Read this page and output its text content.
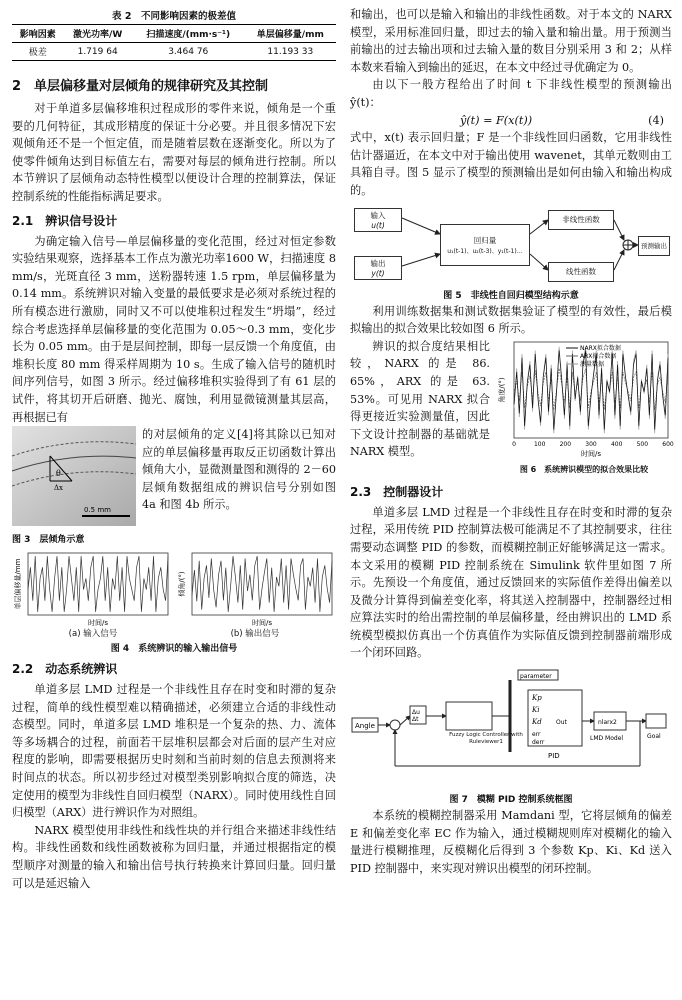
表 2　不同影响因素的极差值
影响因素	激光功率/W	扫描速度/(mm·s⁻¹)	单层偏移量/mm
极差	1.719 64	3.464 76	11.193 33
2　单层偏移量对层倾角的规律研究及其控制

对于单道多层偏移堆积过程成形的零件来说，倾角是一个重要的几何特征，其成形精度的保证十分必要。并且很多情况下宏观倾角还不是一个恒定值，而是随着层数在逐渐变化。所以为了使零件倾角达到目标值左右，需要对每层的倾角进行控制。所以本节辨识了层倾角动态特性模型以便设计合理的控制算法，保证控制系统的性能指标满足要求。

2.1　辨识信号设计

为确定输入信号—单层偏移量的变化范围，经过对恒定参数实验结果观察，选择基本工作点为激光功率1600 W，扫描速度 8 mm/s，光斑直径 3 mm，送粉器转速 1.5 rpm，单层偏移量为 0.14 mm。系统辨识对输入变量的最低要求是必须对系统过程的所有模态进行激励，同时又不可以使堆积过程发生“坍塌”，经过综合考虑选择单层偏移量的变化范围为 0.05～0.3 mm，变化步长为 0.05 mm。由于是层间控制，即每一层反馈一个角度值，由堆积长度 80 mm 得采样周期为 10 s。生成了输入信号的随机时间序列信号，如图 3 所示。经过偏移堆积实验得到了有 61 层的试件，将其切开后研磨、抛光、腐蚀，利用显微镜测量其层高，再根据已有

θ
Δx
0.5 mm
图 3　层倾角示意

的对层倾角的定义[4]将其除以已知对应的单层偏移量再取反正切函数计算出倾角大小，显微测量图和测得的 2－60 层倾角数据组成的辨识信号分别如图 4a 和图 4b 所示。

单层偏移量/mm
时间/s
倾角/(°)
时间/s
(a) 输入信号	(b) 输出信号
图 4　系统辨识的输入输出信号
2.2　动态系统辨识

单道多层 LMD 过程是一个非线性且存在时变和时滞的复杂过程，简单的线性模型难以精确描述，必须建立合适的非线性动态模型。同时，单道多层 LMD 堆积是一个复杂的热、力、流体等多场耦合的过程，前面若干层堆积层都会对后面的层产生对应程度的影响，即需要根据历史时刻和当前时刻的信息去预测将来时间点的状态。所以初步经过对模型类别影响拟合度的筛选，决定使用的模型为非线性自回归模型（NARX）。同时使用线性自回归模型（ARX）进行辨识作为对照组。

NARX 模型使用非线性和线性块的并行组合来描述非线性结构。非线性函数和线性函数被称为回归量，并通过根据指定的模型顺序对测量的输入和输出信号执行转换来计算回归量。回归量可以是延迟输入

和输出，也可以是输入和输出的非线性函数。对于本文的 NARX 模型，采用标准回归量，即过去的输入量和输出量。用于预测当前输出的过去输出项和过去输入量的数目分别采用 3 和 2；从样本数来看输入到输出的延迟，在本文中经过寻优确定为 0。

由以下一般方程给出了时间 t 下非线性模型的预测输出 ŷ(t)：

ŷ(t) = F(x(t))	(4)

式中，x(t) 表示回归量；F 是一个非线性回归函数，它用非线性估计器逼近，在本文中对于输出使用 wavenet，其单元数则由工具箱自寻。图 5 显示了模型的预测输出是如何由输入和输出构成的。

输入
u(t)
输出
y(t)
回归量
u₁(t-1)、u₂(t-3)、y₁(t-1)…
非线性函数
线性函数
预测输出
图 5　非线性自回归模型结构示意

利用训练数据集和测试数据集验证了模型的有效性，最后模拟输出的拟合效果比较如图 6 所示。

辨识的拟合度结果相比较，NARX 的是 86. 65%，ARX 的是 63. 53%。可见用 NARX 拟合得更接近实验测量值，因此下文设计控制器的基础就是 NARX 模型。

角度/(°)
时间/s
0	100 200 300 400 500 600
NARX拟合数据
ARX拟合数据
测量数据
图 6　系统辨识模型的拟合效果比较
2.3　控制器设计

单道多层 LMD 过程是一个非线性且存在时变和时滞的复杂过程，采用传统 PID 控制算法极可能满足不了其控制要求，往往需要动态调整 PID 的参数，而模糊控制正好能够满足这一需求。本文采用的模糊 PID 控制系统在 Simulink 软件里如图 7 所示。先预设一个角度值，通过反馈回来的实际值作差得出偏差以及微分计算得到偏差变化率，将其送入控制器中，控制器经过相应算法实时的给出需控制的单层偏移量，经由辨识出的 LMD 系统模型模拟仿真出一个仿真值作为实际值反馈到控制器前端形成一个闭环回路。

Angle
Δu
Δt
Fuzzy Logic Controller with Ruleviewer1
parameter
Kp
Ki
Kd Out
err
derr
PID
nlarx2
LMD Model	Goal
图 7　模糊 PID 控制系统框图

本系统的模糊控制器采用 Mamdani 型，它将层倾角的偏差 E 和偏差变化率 EC 作为输入，通过模糊规则库对模糊化的输入量进行模糊推理，反模糊化后得到 3 个参数 Kp、Ki、Kd 送入 PID 控制器中，来实现对辨识出模型的闭环控制。
